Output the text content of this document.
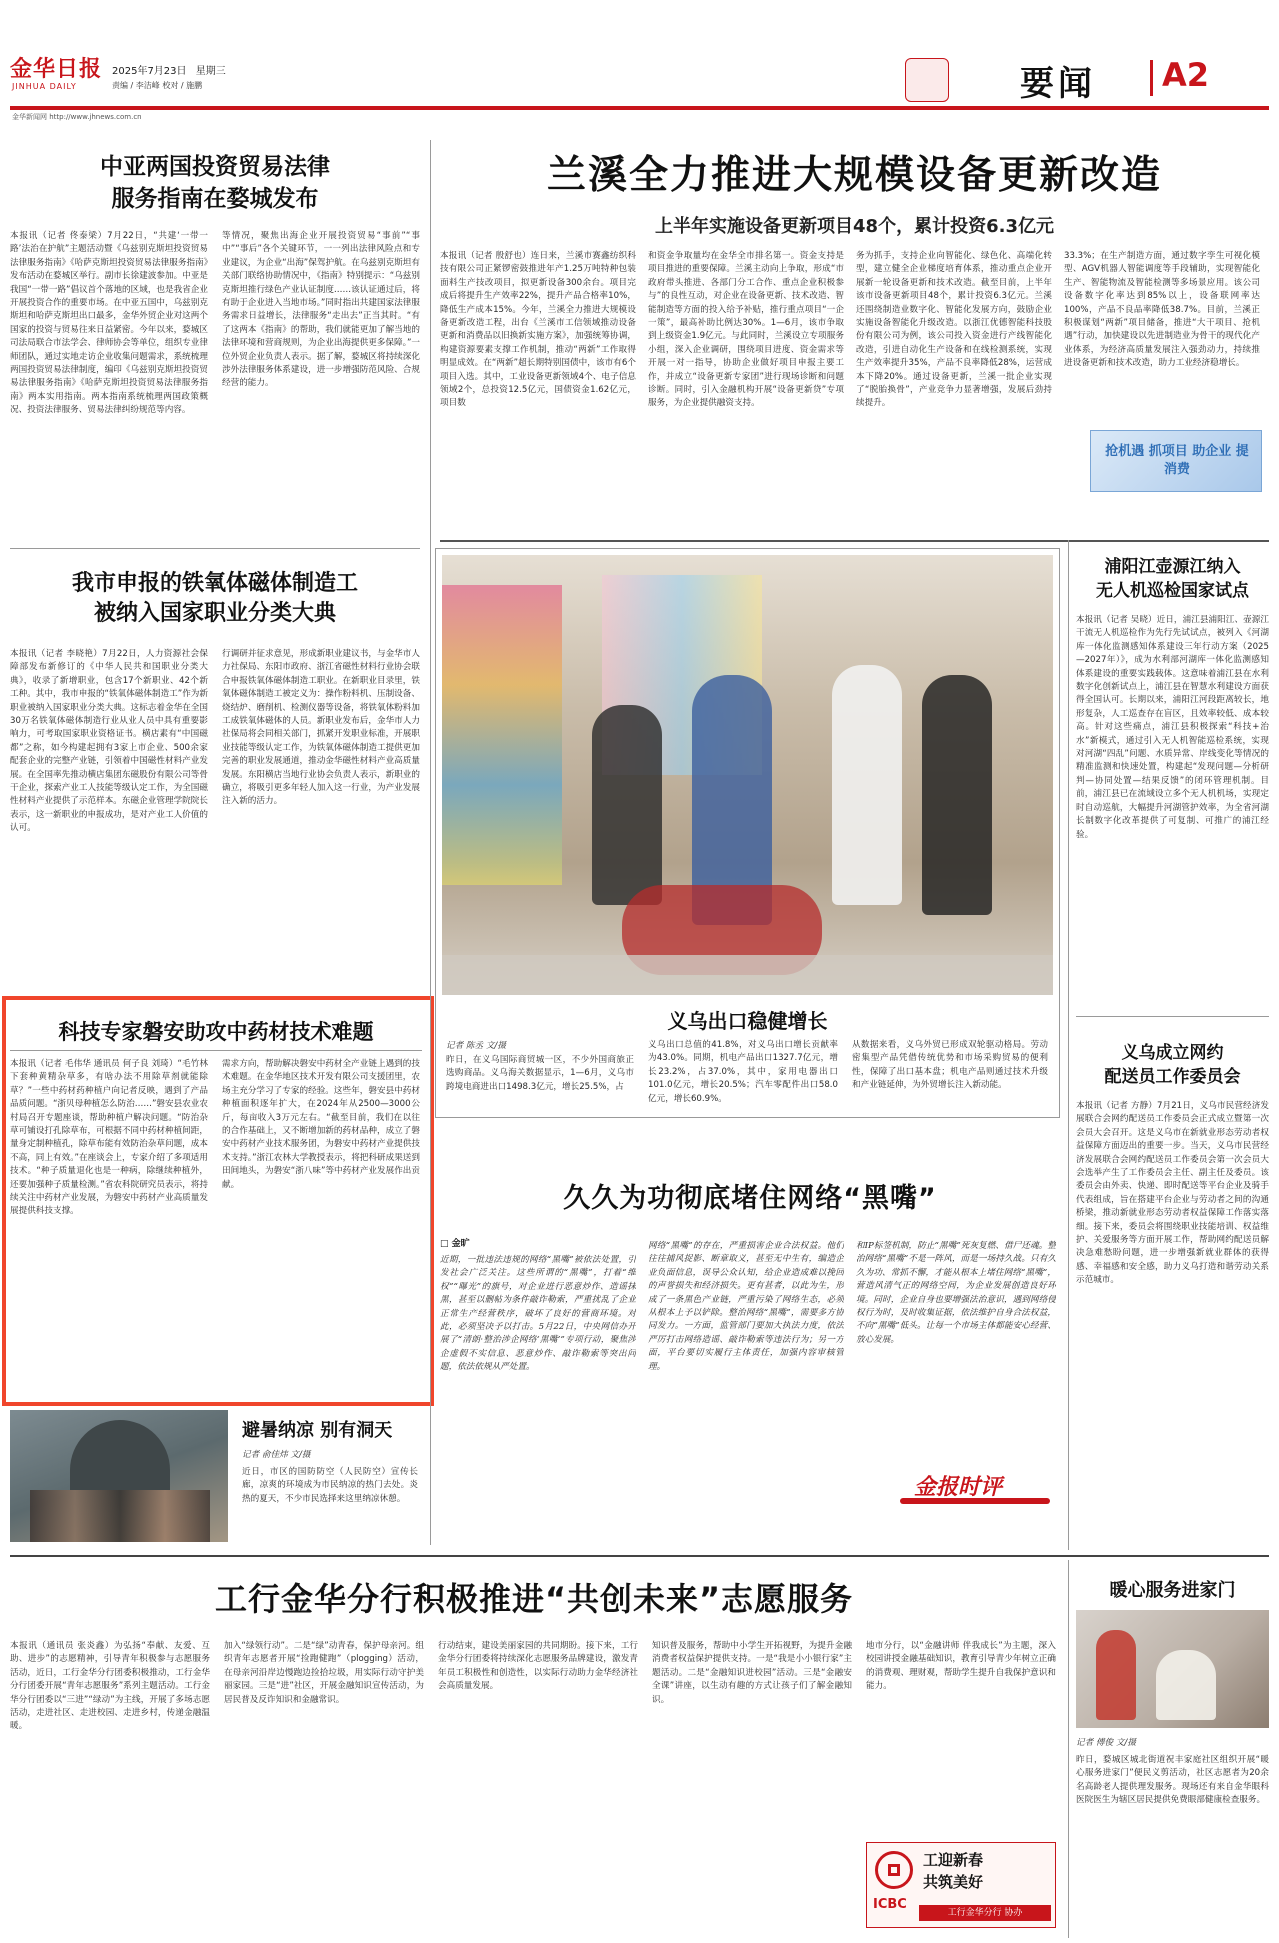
金华日报
JINHUA DAILY
2025年7月23日 星期三
责编 / 李洁峰 校对 / 施鹏	要闻 A2
金华新闻网 http://www.jhnews.com.cn
中亚两国投资贸易法律
服务指南在婺城发布
本报讯（记者 佟泰梁）7月22日，“共建‘一带一路’法治在护航”主题活动暨《乌兹别克斯坦投资贸易法律服务指南》《哈萨克斯坦投资贸易法律服务指南》发布活动在婺城区举行。副市长徐建波参加。中亚是我国“一带一路”倡议首个落地的区域，也是我省企业开展投资合作的重要市场。在中亚五国中，乌兹别克斯坦和哈萨克斯坦出口最多，金华外贸企业对这两个国家的投资与贸易往来日益紧密。今年以来，婺城区司法局联合市法学会、律师协会等单位，组织专业律师团队，通过实地走访企业收集问题需求，系统梳理两国投资贸易法律制度，编印《乌兹别克斯坦投资贸易法律服务指南》《哈萨克斯坦投资贸易法律服务指南》两本实用指南。两本指南系统梳理两国政策概况、投资法律服务、贸易法律纠纷规范等内容。
等情况，聚焦出海企业开展投资贸易“事前”“事中”“事后”各个关键环节，一一列出法律风险点和专业建议，为企业“出海”保驾护航。在乌兹别克斯坦有关部门联络协助情况中，《指南》特别提示：“乌兹别克斯坦推行绿色产业认证制度……该认证通过后，将有助于企业进入当地市场。”同时指出共建国家法律服务需求日益增长，法律服务“走出去”正当其时。“有了这两本《指南》的帮助，我们就能更加了解当地的法律环境和营商规则，为企业出海提供更多保障。”一位外贸企业负责人表示。据了解，婺城区将持续深化涉外法律服务体系建设，进一步增强防范风险、合规经营的能力。
我市申报的铁氧体磁体制造工
被纳入国家职业分类大典
本报讯（记者 李晓艳）7月22日，人力资源社会保障部发布新修订的《中华人民共和国职业分类大典》，收录了新增职业，包含17个新职业、42个新工种。其中，我市申报的“铁氧体磁体制造工”作为新职业被纳入国家职业分类大典。这标志着金华在全国30万名铁氧体磁体制造行业从业人员中具有重要影响力，可考取国家职业资格证书。横店素有“中国磁都”之称，如今构建起拥有3家上市企业、500余家配套企业的完整产业链，引领着中国磁性材料产业发展。在全国率先推动横店集团东磁股份有限公司等骨干企业，探索产业工人技能等级认定工作，为全国磁性材料产业提供了示范样本。东磁企业管理学院院长表示，这一新职业的申报成功，是对产业工人价值的认可。
行调研并征求意见，形成新职业建议书，与金华市人力社保局、东阳市政府、浙江省磁性材料行业协会联合申报铁氧体磁体制造工职业。在新职业目录里，铁氧体磁体制造工被定义为：操作粉料机、压制设备、烧结炉、磨削机、检测仪器等设备，将铁氧体粉料加工成铁氧体磁体的人员。新职业发布后，金华市人力社保局将会同相关部门，抓紧开发职业标准，开展职业技能等级认定工作，为铁氧体磁体制造工提供更加完善的职业发展通道，推动金华磁性材料产业高质量发展。东阳横店当地行业协会负责人表示，新职业的确立，将吸引更多年轻人加入这一行业，为产业发展注入新的活力。
科技专家磐安助攻中药材技术难题
本报讯（记者 毛伟华 通讯员 何子良 刘琦）“毛竹林下套种黄精杂草多，有啥办法不用除草剂就能除草？”一些中药材药种植户向记者反映，遇到了产品品质问题。“浙贝母种植怎么防治……”磐安县农业农村局召开专题座谈，帮助种植户解决问题。“防治杂草可铺设打孔除草布，可根据不同中药材种植间距，量身定制种植孔，除草布能有效防治杂草问题，成本不高，同上有效。”在座谈会上，专家介绍了多项适用技术。“种子质量退化也是一种病，除继续种植外，还要加强种子质量检测。”省农科院研究员表示，将持续关注中药材产业发展，为磐安中药材产业高质量发展提供科技支撑。
需求方向，帮助解决磐安中药材全产业链上遇到的技术难题。在金华地区技术开发有限公司支援团里，农场主充分学习了专家的经验。这些年，磐安县中药材种植面积逐年扩大，在2024年从2500—3000公斤，每亩收入3万元左右。“截至目前，我们在以往的合作基础上，又不断增加新的药材品种，成立了磐安中药材产业技术服务团，为磐安中药材产业提供技术支持。”浙江农林大学教授表示，将把科研成果送到田间地头，为磐安“浙八味”等中药材产业发展作出贡献。
避暑纳凉 别有洞天
记者 俞佳炜 文/摄
近日，市区的国防防空（人民防空）宣传长廊，凉爽的环境成为市民纳凉的热门去处。炎热的夏天，不少市民选择来这里纳凉休憩。
兰溪全力推进大规模设备更新改造
上半年实施设备更新项目48个，累计投资6.3亿元
本报讯（记者 殷舒也）连日来，兰溪市赛鑫纺织科技有限公司正紧锣密鼓推进年产1.25万吨特种包装面料生产技改项目，拟更新设备300余台。项目完成后将提升生产效率22%，提升产品合格率10%，降低生产成本15%。今年，兰溪全力推进大规模设备更新改造工程，出台《兰溪市工信领域推动设备更新和消费品以旧换新实施方案》，加强统筹协调，构建资源要素支撑工作机制，推动“两新”工作取得明显成效。在“两新”超长期特别国债中，该市有6个项目入选。其中，工业设备更新领域4个、电子信息领域2个，总投资12.5亿元，国债资金1.62亿元，项目数
和资金争取量均在金华全市排名第一。资金支持是项目推进的重要保障。兰溪主动向上争取，形成“市政府带头推进、各部门分工合作、重点企业积极参与”的良性互动，对企业在设备更新、技术改造、智能制造等方面的投入给予补贴，推行重点项目“一企一策”，最高补助比例达30%。1—6月，该市争取到上级资金1.9亿元。与此同时，兰溪设立专项服务小组，深入企业调研，围绕项目进度、资金需求等开展一对一指导，协助企业做好项目申报主要工作，并成立“设备更新专家团”进行现场诊断和问题诊断。同时，引入金融机构开展“设备更新贷”专项服务，为企业提供融资支持。
务为抓手，支持企业向智能化、绿色化、高端化转型，建立健全企业梯度培育体系，推动重点企业开展新一轮设备更新和技术改造。截至目前，上半年该市设备更新项目48个，累计投资6.3亿元。兰溪还围绕制造业数字化、智能化发展方向，鼓励企业实施设备智能化升级改造。以浙江优德智能科技股份有限公司为例，该公司投入资金进行产线智能化改造，引进自动化生产设备和在线检测系统，实现生产效率提升35%，产品不良率降低28%，运营成本下降20%。通过设备更新，兰溪一批企业实现了“脱胎换骨”，产业竞争力显著增强，发展后劲持续提升。
33.3%；在生产制造方面，通过数字孪生可视化模型、AGV机器人智能调度等手段辅助，实现智能化生产、智能物流及智能检测等多场景应用。该公司设备数字化率达到85%以上，设备联网率达100%，产品不良品率降低38.7%。目前，兰溪正积极谋划“两新”项目储备，推进“大干项目、抢机遇”行动，加快建设以先进制造业为骨干的现代化产业体系，为经济高质量发展注入强劲动力，持续推进设备更新和技术改造，助力工业经济稳增长。
抢机遇 抓项目 助企业 提消费
义乌出口稳健增长
记者 陈丞 文/摄
昨日，在义乌国际商贸城一区，不少外国商旅正选购商品。义乌海关数据显示，1—6月，义乌市跨境电商进出口1498.3亿元，增长25.5%，占
义乌出口总值的41.8%，对义乌出口增长贡献率为43.0%。同期，机电产品出口1327.7亿元，增长23.2%，占37.0%，其中，家用电器出口101.0亿元，增长20.5%；汽车零配件出口58.0亿元，增长60.9%。
从数据来看，义乌外贸已形成双轮驱动格局。劳动密集型产品凭借传统优势和市场采购贸易的便利性，保障了出口基本盘；机电产品则通过技术升级和产业链延伸，为外贸增长注入新动能。
浦阳江壶源江纳入
无人机巡检国家试点
本报讯（记者 吴晓）近日，浦江县浦阳江、壶源江干流无人机巡检作为先行先试试点，被列入《河湖库一体化监测感知体系建设三年行动方案（2025—2027年）》，成为水利部河湖库一体化监测感知体系建设的重要实践载体。这意味着浦江县在水利数字化创新试点上，浦江县在智慧水利建设方面获得全国认可。长期以来，浦阳江河段距离较长，地形复杂，人工巡查存在盲区，且效率较低、成本较高。针对这些痛点，浦江县积极探索“科技+治水”新模式，通过引入无人机智能巡检系统，实现对河湖“四乱”问题、水质异常、岸线变化等情况的精准监测和快速处置，构建起“发现问题—分析研判—协同处置—结果反馈”的闭环管理机制。目前，浦江县已在流域设立多个无人机机场，实现定时自动巡航，大幅提升河湖管护效率，为全省河湖长制数字化改革提供了可复制、可推广的浦江经验。
义乌成立网约
配送员工作委员会
本报讯（记者 方静）7月21日，义乌市民营经济发展联合会网约配送员工作委员会正式成立暨第一次会员大会召开。这是义乌市在新就业形态劳动者权益保障方面迈出的重要一步。当天，义乌市民营经济发展联合会网约配送员工作委员会第一次会员大会选举产生了工作委员会主任、副主任及委员。该委员会由外卖、快递、即时配送等平台企业及骑手代表组成，旨在搭建平台企业与劳动者之间的沟通桥梁，推动新就业形态劳动者权益保障工作落实落细。接下来，委员会将围绕职业技能培训、权益维护、关爱服务等方面开展工作，帮助网约配送员解决急难愁盼问题，进一步增强新就业群体的获得感、幸福感和安全感，助力义乌打造和谐劳动关系示范城市。
久久为功彻底堵住网络“黑嘴”
□ 金旷
近期，一批违法违规的网络“黑嘴”被依法处置，引发社会广泛关注。这些所谓的“黑嘴”，打着“维权”“曝光”的旗号，对企业进行恶意炒作、造谣抹黑，甚至以删帖为条件敲诈勒索，严重扰乱了企业正常生产经营秩序，破坏了良好的营商环境。对此，必须坚决予以打击。5月22日，中央网信办开展了“清朗·整治涉企网络‘黑嘴’”专项行动，聚焦涉企虚假不实信息、恶意炒作、敲诈勒索等突出问题，依法依规从严处置。
网络“黑嘴”的存在，严重损害企业合法权益。他们往往捕风捉影、断章取义，甚至无中生有，编造企业负面信息，误导公众认知，给企业造成难以挽回的声誉损失和经济损失。更有甚者，以此为生，形成了一条黑色产业链，严重污染了网络生态，必须从根本上予以铲除。整治网络“黑嘴”，需要多方协同发力。一方面，监管部门要加大执法力度，依法严厉打击网络造谣、敲诈勒索等违法行为；另一方面，平台要切实履行主体责任，加强内容审核管理。
和IP标签机制，防止“黑嘴”死灰复燃、借尸还魂。整治网络“黑嘴”不是一阵风，而是一场持久战。只有久久为功、常抓不懈，才能从根本上堵住网络“黑嘴”，营造风清气正的网络空间，为企业发展创造良好环境。同时，企业自身也要增强法治意识，遇到网络侵权行为时，及时收集证据，依法维护自身合法权益，不向“黑嘴”低头。让每一个市场主体都能安心经营、放心发展。
金报时评
工行金华分行积极推进“共创未来”志愿服务
本报讯（通讯员 张炎鑫）为弘扬“奉献、友爱、互助、进步”的志愿精神，引导青年积极参与志愿服务活动，近日，工行金华分行团委积极推动，工行金华分行团委开展“青年志愿服务”系列主题活动。工行金华分行团委以“三进”“绿动”为主线，开展了多场志愿活动，走进社区、走进校园、走进乡村，传递金融温暖。
加入“绿领行动”。二是“绿”动青春，保护母亲河。组织青年志愿者开展“捡跑健跑”（plogging）活动，在母亲河沿岸边慢跑边捡拾垃圾，用实际行动守护美丽家园。三是“进”社区，开展金融知识宣传活动，为居民普及反诈知识和金融常识。
行动结束，建设美丽家园的共同期盼。接下来，工行金华分行团委将持续深化志愿服务品牌建设，激发青年员工积极性和创造性，以实际行动助力金华经济社会高质量发展。
知识普及服务，帮助中小学生开拓视野，为提升金融消费者权益保护提供支持。一是“我是小小银行家”主题活动。二是“金融知识进校园”活动。三是“金融安全课”讲座，以生动有趣的方式让孩子们了解金融知识。
地市分行，以“金融讲师 伴我成长”为主题，深入校园讲授金融基础知识，教育引导青少年树立正确的消费观、理财观，帮助学生提升自我保护意识和能力。
工迎新春
共筑美好
ICBC
工行金华分行 协办
暖心服务进家门
记者 傅俊 文/摄
昨日，婺城区城北街道祝丰家庭社区组织开展“暖心服务进家门”便民义剪活动，社区志愿者为20余名高龄老人提供理发服务。现场还有来自金华眼科医院医生为辖区居民提供免费眼部健康检查服务。
